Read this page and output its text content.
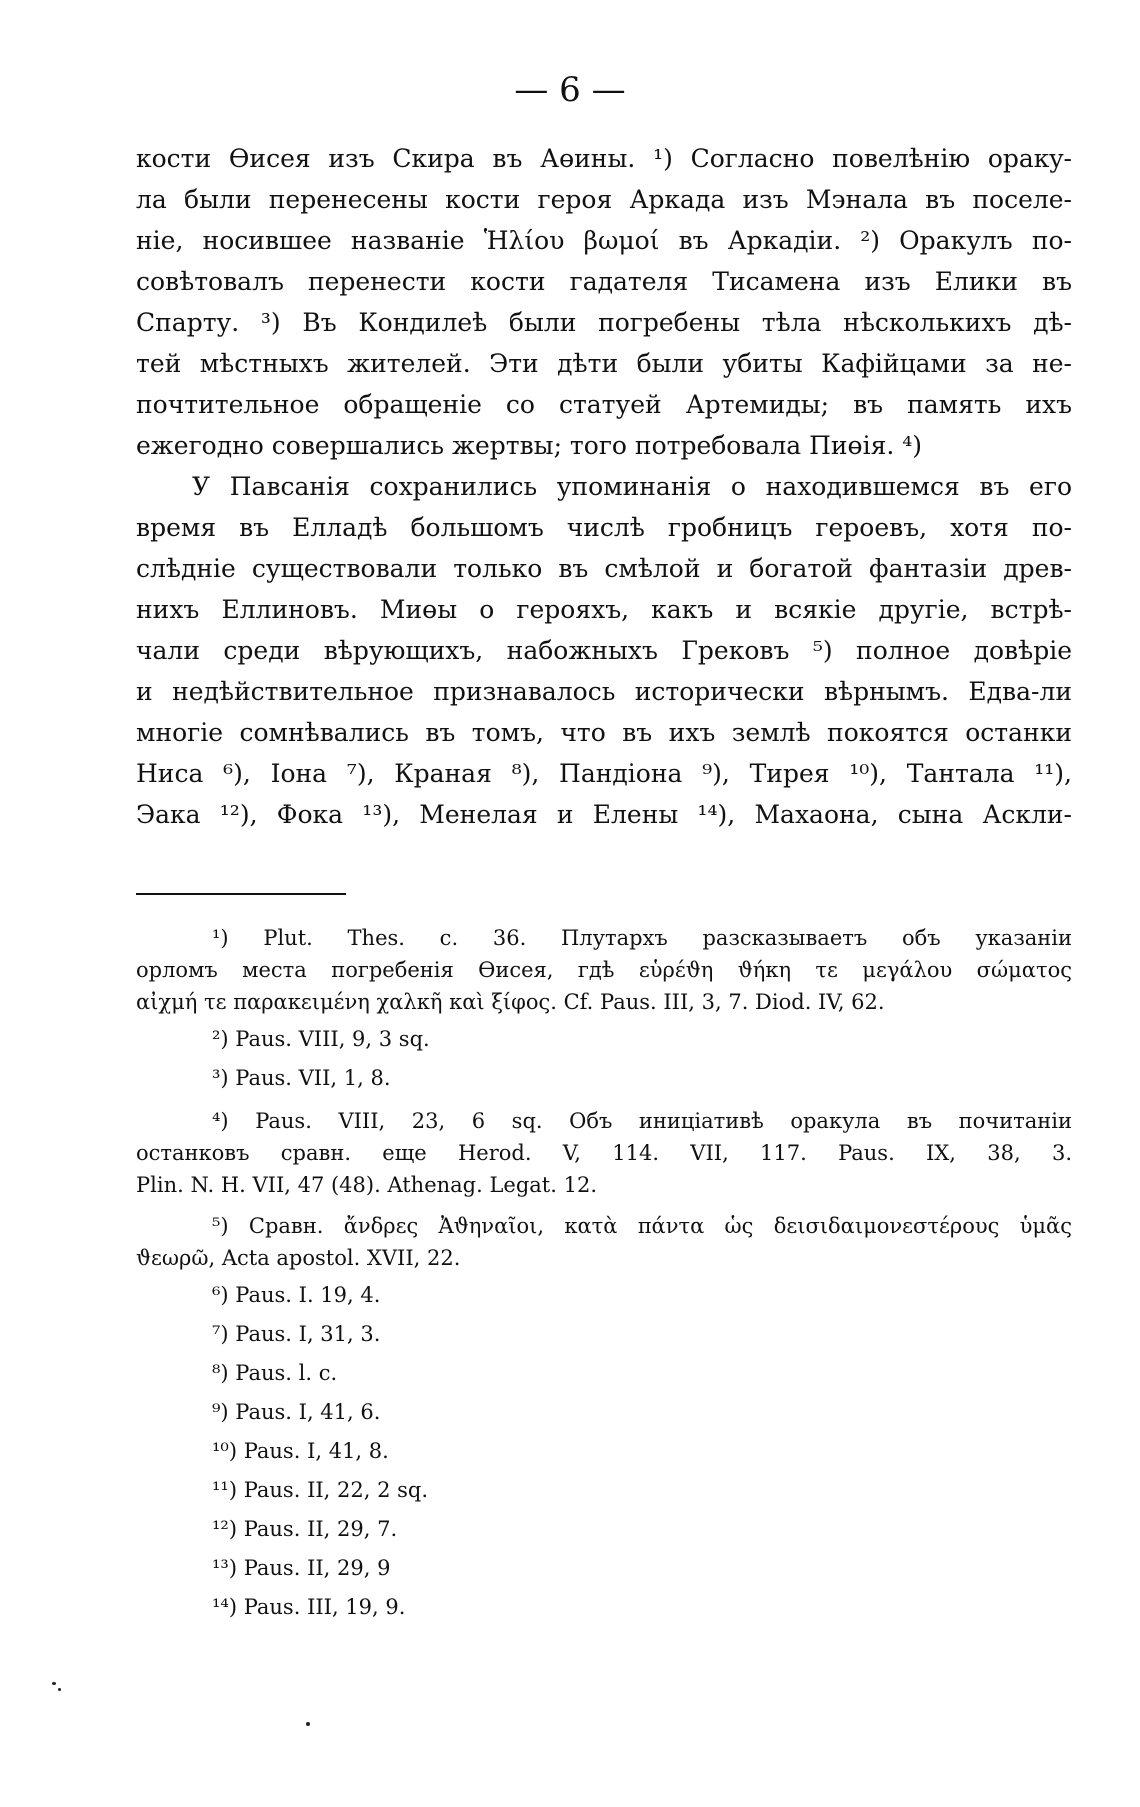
— 6 —
кости Өисея изъ Скира въ Аөины. ¹) Согласно повелѣнію оракy-
ла были перенесены кости героя Аркада изъ Мэнала въ поселе-
ніе, носившее названіе Ἡλίου βωμοί въ Аркадіи. ²) Оракулъ по-
совѣтовалъ перенести кости гадателя Тисамена изъ Елики въ
Спарту. ³) Въ Кондилеѣ были погребены тѣла нѣсколькихъ дѣ-
тей мѣстныхъ жителей. Эти дѣти были убиты Кафійцами за не-
почтительное обращеніе со статуей Артемиды; въ память ихъ
ежегодно совершались жертвы; того потребовала Пиөія. ⁴)
У Павсанія сохранились упоминанія о находившемся въ его
время въ Елладѣ большомъ числѣ гробницъ героевъ, хотя по-
слѣдніе существовали только въ смѣлой и богатой фантазіи древ-
нихъ Еллиновъ. Миөы о герояхъ, какъ и всякіе другіе, встрѣ-
чали среди вѣрующихъ, набожныхъ Грековъ ⁵) полное довѣріе
и недѣйствительное признавалось исторически вѣрнымъ. Едва-ли
многіе сомнѣвались въ томъ, что въ ихъ землѣ покоятся останки
Ниса ⁶), Іона ⁷), Краная ⁸), Пандіона ⁹), Тирея ¹⁰), Тантала ¹¹),
Эака ¹²), Фока ¹³), Менелая и Елены ¹⁴), Махаона, сына Аскли-
¹) Plut. Thes. c. 36. Плутархъ разсказываетъ объ указаніи
орломъ места погребенія Өисея, гдѣ εὑρέϑη ϑήκη τε μεγάλου σώματος
αἰχμή τε παρακειμένη χαλκῆ καὶ ξίφος. Cf. Paus. III, 3, 7. Diod. IV, 62.
²) Paus. VIII, 9, 3 sq.
³) Paus. VII, 1, 8.
⁴) Paus. VIII, 23, 6 sq. Объ иниціативѣ оракула въ почитаніи
останковъ сравн. еще Herod. V, 114. VII, 117. Paus. IX, 38, 3.
Plin. N. H. VII, 47 (48). Athenag. Legat. 12.
⁵) Сравн. ἄνδρες Ἀϑηναῖοι, κατὰ πάντα ὡς δεισιδαιμονεστέρους ὑμᾶς
ϑεωρῶ, Acta apostol. XVII, 22.
⁶) Paus. I. 19, 4.
⁷) Paus. I, 31, 3.
⁸) Paus. l. c.
⁹) Paus. I, 41, 6.
¹⁰) Paus. I, 41, 8.
¹¹) Paus. II, 22, 2 sq.
¹²) Paus. II, 29, 7.
¹³) Paus. II, 29, 9
¹⁴) Paus. III, 19, 9.
